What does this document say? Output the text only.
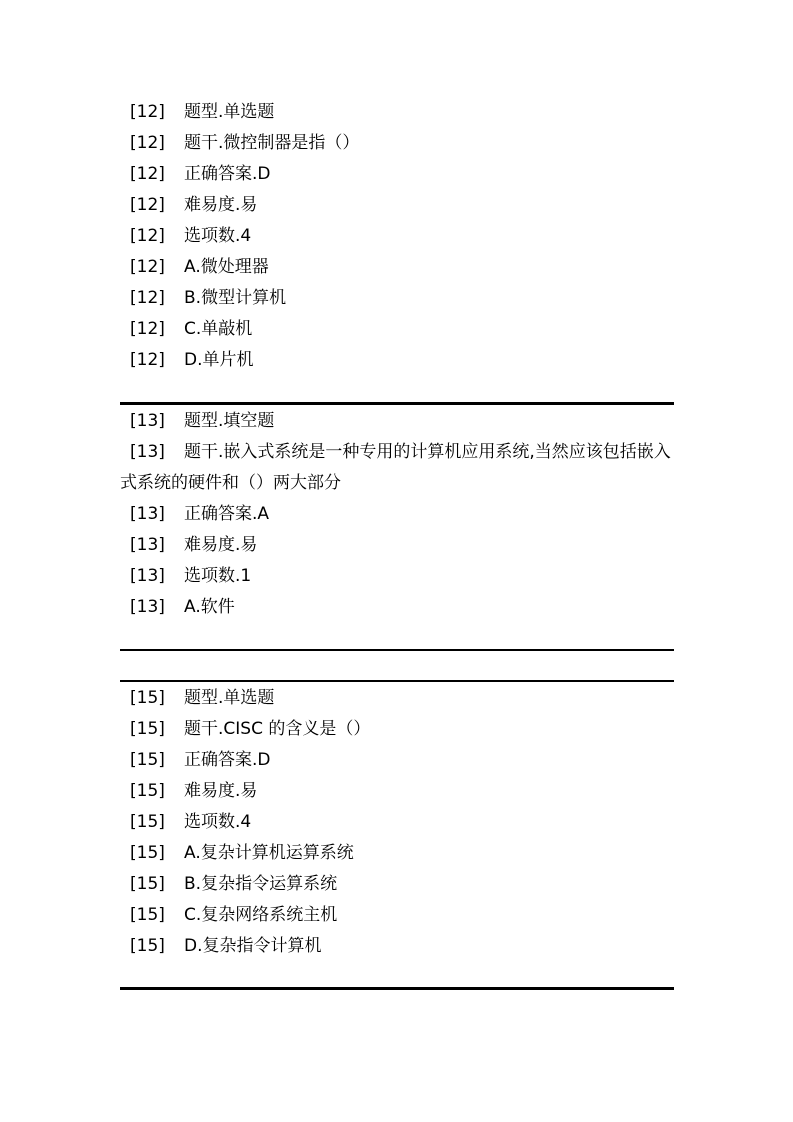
[12] 题型.单选题
[12] 题干.微控制器是指（）
[12] 正确答案.D
[12] 难易度.易
[12] 选项数.4
[12] A.微处理器
[12] B.微型计算机
[12] C.单敲机
[12] D.单片机
[13] 题型.填空题
[13] 题干.嵌入式系统是一种专用的计算机应用系统,当然应该包括嵌入式系统的硬件和（）两大部分
[13] 正确答案.A
[13] 难易度.易
[13] 选项数.1
[13] A.软件
[15] 题型.单选题
[15] 题干.CISC 的含义是（）
[15] 正确答案.D
[15] 难易度.易
[15] 选项数.4
[15] A.复杂计算机运算系统
[15] B.复杂指令运算系统
[15] C.复杂网络系统主机
[15] D.复杂指令计算机
